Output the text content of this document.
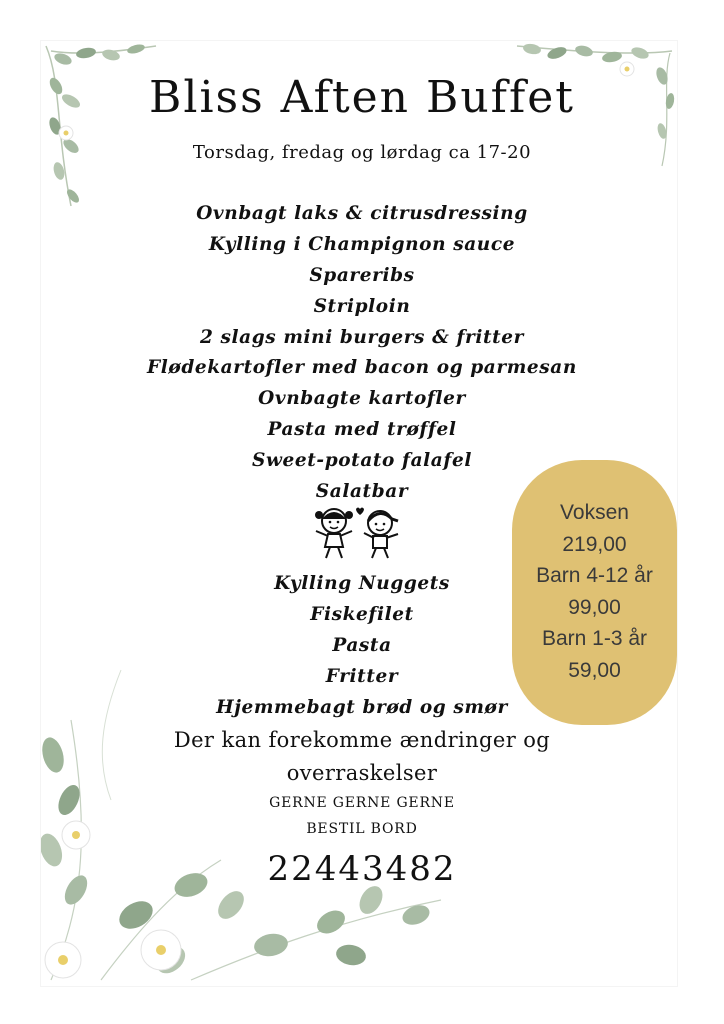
Bliss Aften Buffet
Torsdag, fredag og lørdag ca 17-20
Ovnbagt laks & citrusdressing
Kylling i Champignon sauce
Spareribs
Striploin
2 slags mini burgers & fritter
Flødekartofler med bacon og parmesan
Ovnbagte kartofler
Pasta med trøffel
Sweet-potato falafel
Salatbar
Kylling Nuggets
Fiskefilet
Pasta
Fritter
Hjemmebagt brød og smør
Der kan forekomme ændringer og
overraskelser
GERNE GERNE GERNE
BESTIL BORD
22443482
Voksen
219,00
Barn 4-12 år
99,00
Barn 1-3 år
59,00
